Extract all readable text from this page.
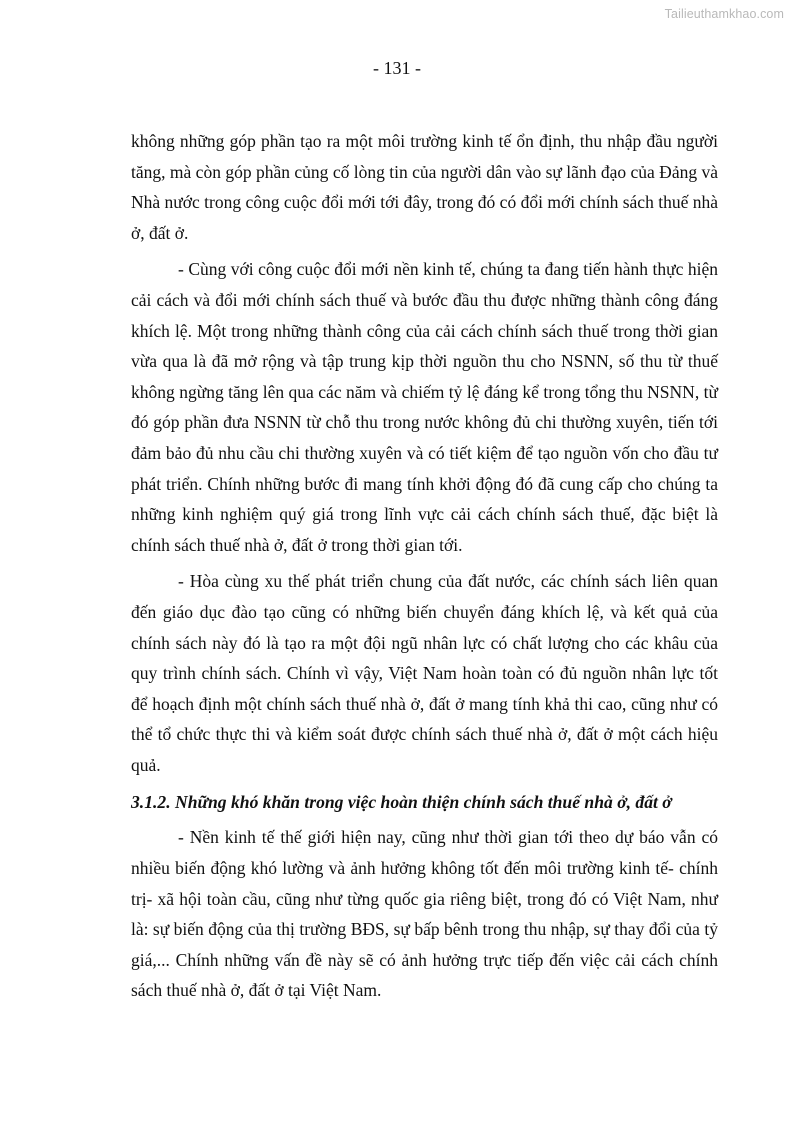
Tailieuthamkhao.com
- 131 -

không những góp phần tạo ra một môi trường kinh tế ổn định, thu nhập đầu người tăng, mà còn góp phần củng cố lòng tin của người dân vào sự lãnh đạo của Đảng và Nhà nước trong công cuộc đổi mới tới đây, trong đó có đổi mới chính sách thuế nhà ở, đất ở.

- Cùng với công cuộc đổi mới nền kinh tế, chúng ta đang tiến hành thực hiện cải cách và đổi mới chính sách thuế và bước đầu thu được những thành công đáng khích lệ. Một trong những thành công của cải cách chính sách thuế trong thời gian vừa qua là đã mở rộng và tập trung kịp thời nguồn thu cho NSNN, số thu từ thuế không ngừng tăng lên qua các năm và chiếm tỷ lệ đáng kể trong tổng thu NSNN, từ đó góp phần đưa NSNN từ chỗ thu trong nước không đủ chi thường xuyên, tiến tới đảm bảo đủ nhu cầu chi thường xuyên và có tiết kiệm để tạo nguồn vốn cho đầu tư phát triển. Chính những bước đi mang tính khởi động đó đã cung cấp cho chúng ta những kinh nghiệm quý giá trong lĩnh vực cải cách chính sách thuế, đặc biệt là chính sách thuế nhà ở, đất ở trong thời gian tới.

- Hòa cùng xu thế phát triển chung của đất nước, các chính sách liên quan đến giáo dục đào tạo cũng có những biến chuyển đáng khích lệ, và kết quả của chính sách này đó là tạo ra một đội ngũ nhân lực có chất lượng cho các khâu của quy trình chính sách. Chính vì vậy, Việt Nam hoàn toàn có đủ nguồn nhân lực tốt để hoạch định một chính sách thuế nhà ở, đất ở mang tính khả thi cao, cũng như có thể tổ chức thực thi và kiểm soát được chính sách thuế nhà ở, đất ở một cách hiệu quả.

3.1.2. Những khó khăn trong việc hoàn thiện chính sách thuế nhà ở, đất ở

- Nền kinh tế thế giới hiện nay, cũng như thời gian tới theo dự báo vẫn có nhiều biến động khó lường và ảnh hưởng không tốt đến môi trường kinh tế- chính trị- xã hội toàn cầu, cũng như từng quốc gia riêng biệt, trong đó có Việt Nam, như là: sự biến động của thị trường BĐS, sự bấp bênh trong thu nhập, sự thay đổi của tỷ giá,... Chính những vấn đề này sẽ có ảnh hưởng trực tiếp đến việc cải cách chính sách thuế nhà ở, đất ở tại Việt Nam.
